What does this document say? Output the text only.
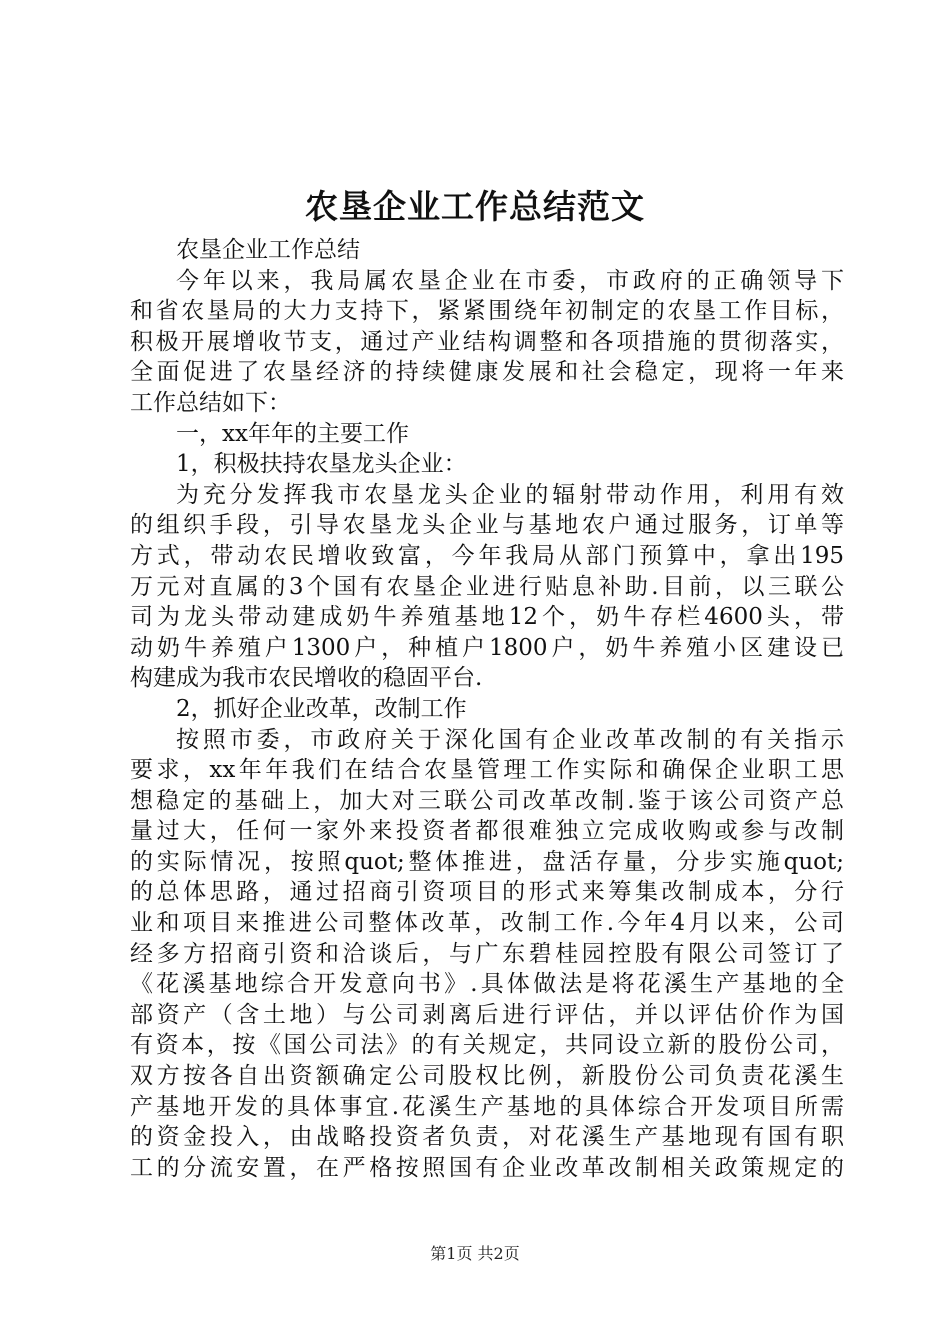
农垦企业工作总结范文
农垦企业工作总结
今年以来，我局属农垦企业在市委，市政府的正确领导下
和省农垦局的大力支持下，紧紧围绕年初制定的农垦工作目标，
积极开展增收节支，通过产业结构调整和各项措施的贯彻落实，
全面促进了农垦经济的持续健康发展和社会稳定，现将一年来
工作总结如下：
一，xx年年的主要工作
1，积极扶持农垦龙头企业：
为充分发挥我市农垦龙头企业的辐射带动作用，利用有效
的组织手段，引导农垦龙头企业与基地农户通过服务，订单等
方式，带动农民增收致富，今年我局从部门预算中，拿出195
万元对直属的3个国有农垦企业进行贴息补助.目前，以三联公
司为龙头带动建成奶牛养殖基地12个，奶牛存栏4600头，带
动奶牛养殖户1300户，种植户1800户，奶牛养殖小区建设已
构建成为我市农民增收的稳固平台.
2，抓好企业改革，改制工作
按照市委，市政府关于深化国有企业改革改制的有关指示
要求，xx年年我们在结合农垦管理工作实际和确保企业职工思
想稳定的基础上，加大对三联公司改革改制.鉴于该公司资产总
量过大，任何一家外来投资者都很难独立完成收购或参与改制
的实际情况，按照quot;整体推进，盘活存量，分步实施quot;
的总体思路，通过招商引资项目的形式来筹集改制成本，分行
业和项目来推进公司整体改革，改制工作.今年4月以来，公司
经多方招商引资和洽谈后，与广东碧桂园控股有限公司签订了
《花溪基地综合开发意向书》.具体做法是将花溪生产基地的全
部资产（含土地）与公司剥离后进行评估，并以评估价作为国
有资本，按《国公司法》的有关规定，共同设立新的股份公司，
双方按各自出资额确定公司股权比例，新股份公司负责花溪生
产基地开发的具体事宜.花溪生产基地的具体综合开发项目所需
的资金投入，由战略投资者负责，对花溪生产基地现有国有职
工的分流安置，在严格按照国有企业改革改制相关政策规定的
第1页 共2页
